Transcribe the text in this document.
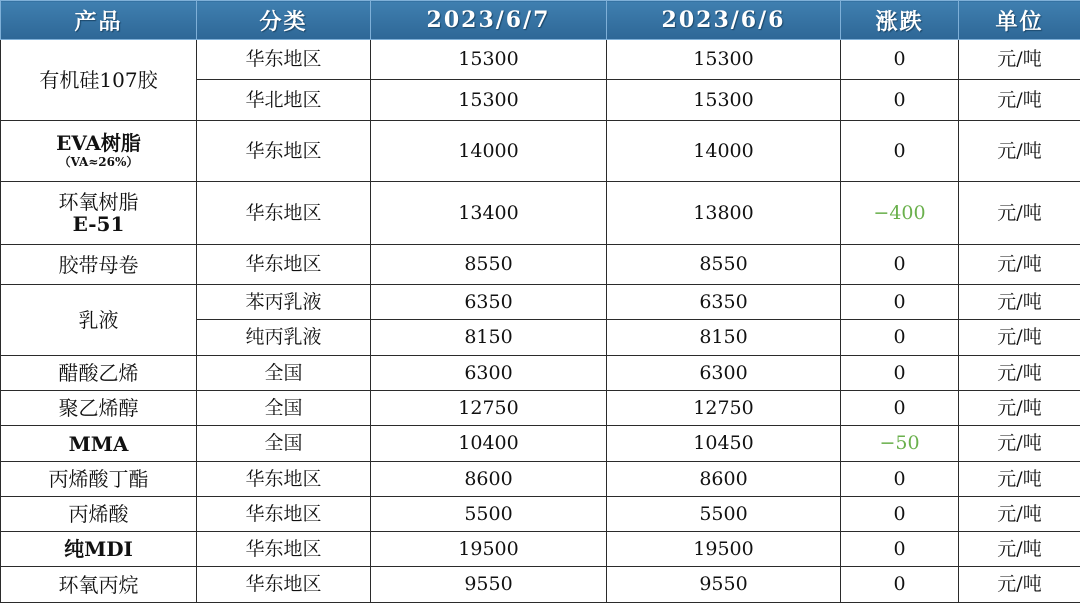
产品	分类	2023/6/7	2023/6/6	涨跌	单位

有机硅107胶	华东地区	15300	15300	0	元/吨
	华北地区	15300	15300	0	元/吨

EVA树脂
（VA≈26%）	华东地区	14000	14000	0	元/吨

环氧树脂
E-51	华东地区	13400	13800	−400	元/吨

胶带母卷	华东地区	8550	8550	0	元/吨

乳液	苯丙乳液	6350	6350	0	元/吨
	纯丙乳液	8150	8150	0	元/吨

醋酸乙烯	全国	6300	6300	0	元/吨

聚乙烯醇	全国	12750	12750	0	元/吨

MMA	全国	10400	10450	−50	元/吨

丙烯酸丁酯	华东地区	8600	8600	0	元/吨

丙烯酸	华东地区	5500	5500	0	元/吨

纯MDI	华东地区	19500	19500	0	元/吨

环氧丙烷	华东地区	9550	9550	0	元/吨
